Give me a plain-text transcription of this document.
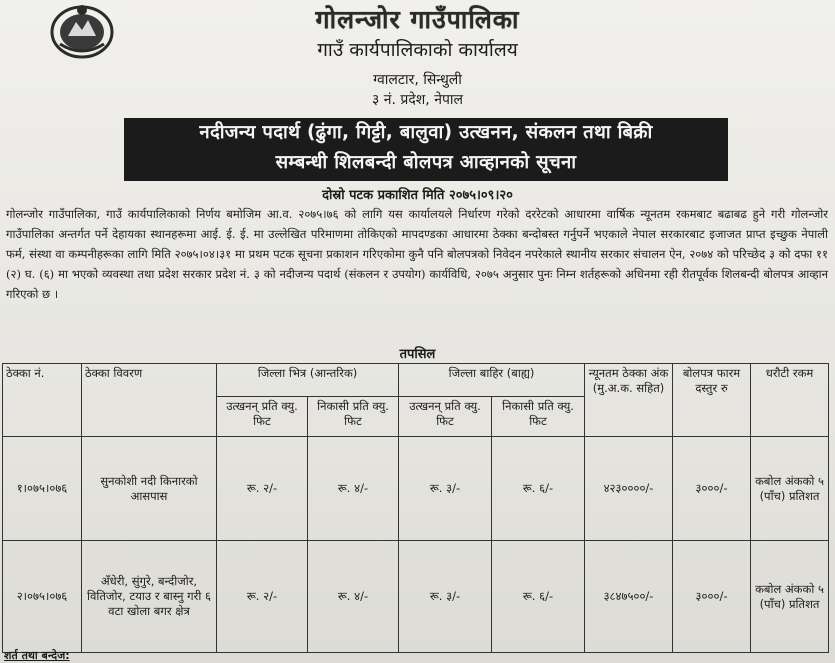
गोलन्जोर गाउँपालिका
गाउँ कार्यपालिकाको कार्यालय
ग्वालटार, सिन्धुली
३ नं. प्रदेश, नेपाल
नदीजन्य पदार्थ (ढुंगा, गिट्टी, बालुवा) उत्खनन, संकलन तथा बिक्री
सम्बन्धी शिलबन्दी बोलपत्र आव्हानको सूचना
दोस्रो पटक प्रकाशित मिति २०७५।०९।२०
गोलन्जोर गाउँपालिका, गाउँ कार्यपालिकाको निर्णय बमोजिम आ.व. २०७५।७६ को लागि यस कार्यालयले निर्धारण गरेको दररेटको आधारमा वार्षिक न्यूनतम रकमबाट बढाबढ हुने गरी गोलन्जोर गाउँपालिका अन्तर्गत पर्ने देहायका स्थानहरूमा आई. ई. ई. मा उल्लेखित परिमाणमा तोकिएको मापदण्डका आधारमा ठेक्का बन्दोबस्त गर्नुपर्ने भएकाले नेपाल सरकारबाट इजाजत प्राप्त इच्छुक नेपाली फर्म, संस्था वा कम्पनीहरूका लागि मिति २०७५।०४।३१ मा प्रथम पटक सूचना प्रकाशन गरिएकोमा कुनै पनि बोलपत्रको निवेदन नपरेकाले स्थानीय सरकार संचालन ऐन, २०७४ को परिच्छेद ३ को दफा ११ (२) घ. (६) मा भएको व्यवस्था तथा प्रदेश सरकार प्रदेश नं. ३ को नदीजन्य पदार्थ (संकलन र उपयोग) कार्यविधि, २०७५ अनुसार पुनः निम्न शर्तहरूको अधिनमा रही रीतपूर्वक शिलबन्दी बोलपत्र आव्हान गरिएको छ ।
तपसिल
ठेक्का नं.	ठेक्का विवरण	जिल्ला भित्र (आन्तरिक)		जिल्ला बाहिर (बाह्य)		न्यूनतम ठेक्का अंक (मु.अ.क. सहित)	बोलपत्र फारम दस्तुर रु	धरौटी रकम
		उत्खनन् प्रति क्यु. फिट	निकासी प्रति क्यु. फिट	उत्खनन् प्रति क्यु. फिट	निकासी प्रति क्यु. फिट			
१।०७५।०७६	सुनकोशी नदी किनारको आसपास	रू. २/-	रू. ४/-	रू. ३/-	रू. ६/-	४२३००००/-	३०००/-	कबोल अंकको ५ (पाँच) प्रतिशत
२।०७५।०७६	अँधेरी, सुंगुरे, बन्दीजोर, वितिजोर, टयाउ र बास्नु गरी ६ वटा खोला बगर क्षेत्र	रू. २/-	रू. ४/-	रू. ३/-	रू. ६/-	३८४७५००/-	३०००/-	कबोल अंकको ५ (पाँच) प्रतिशत
शर्त तथा बन्देज:
